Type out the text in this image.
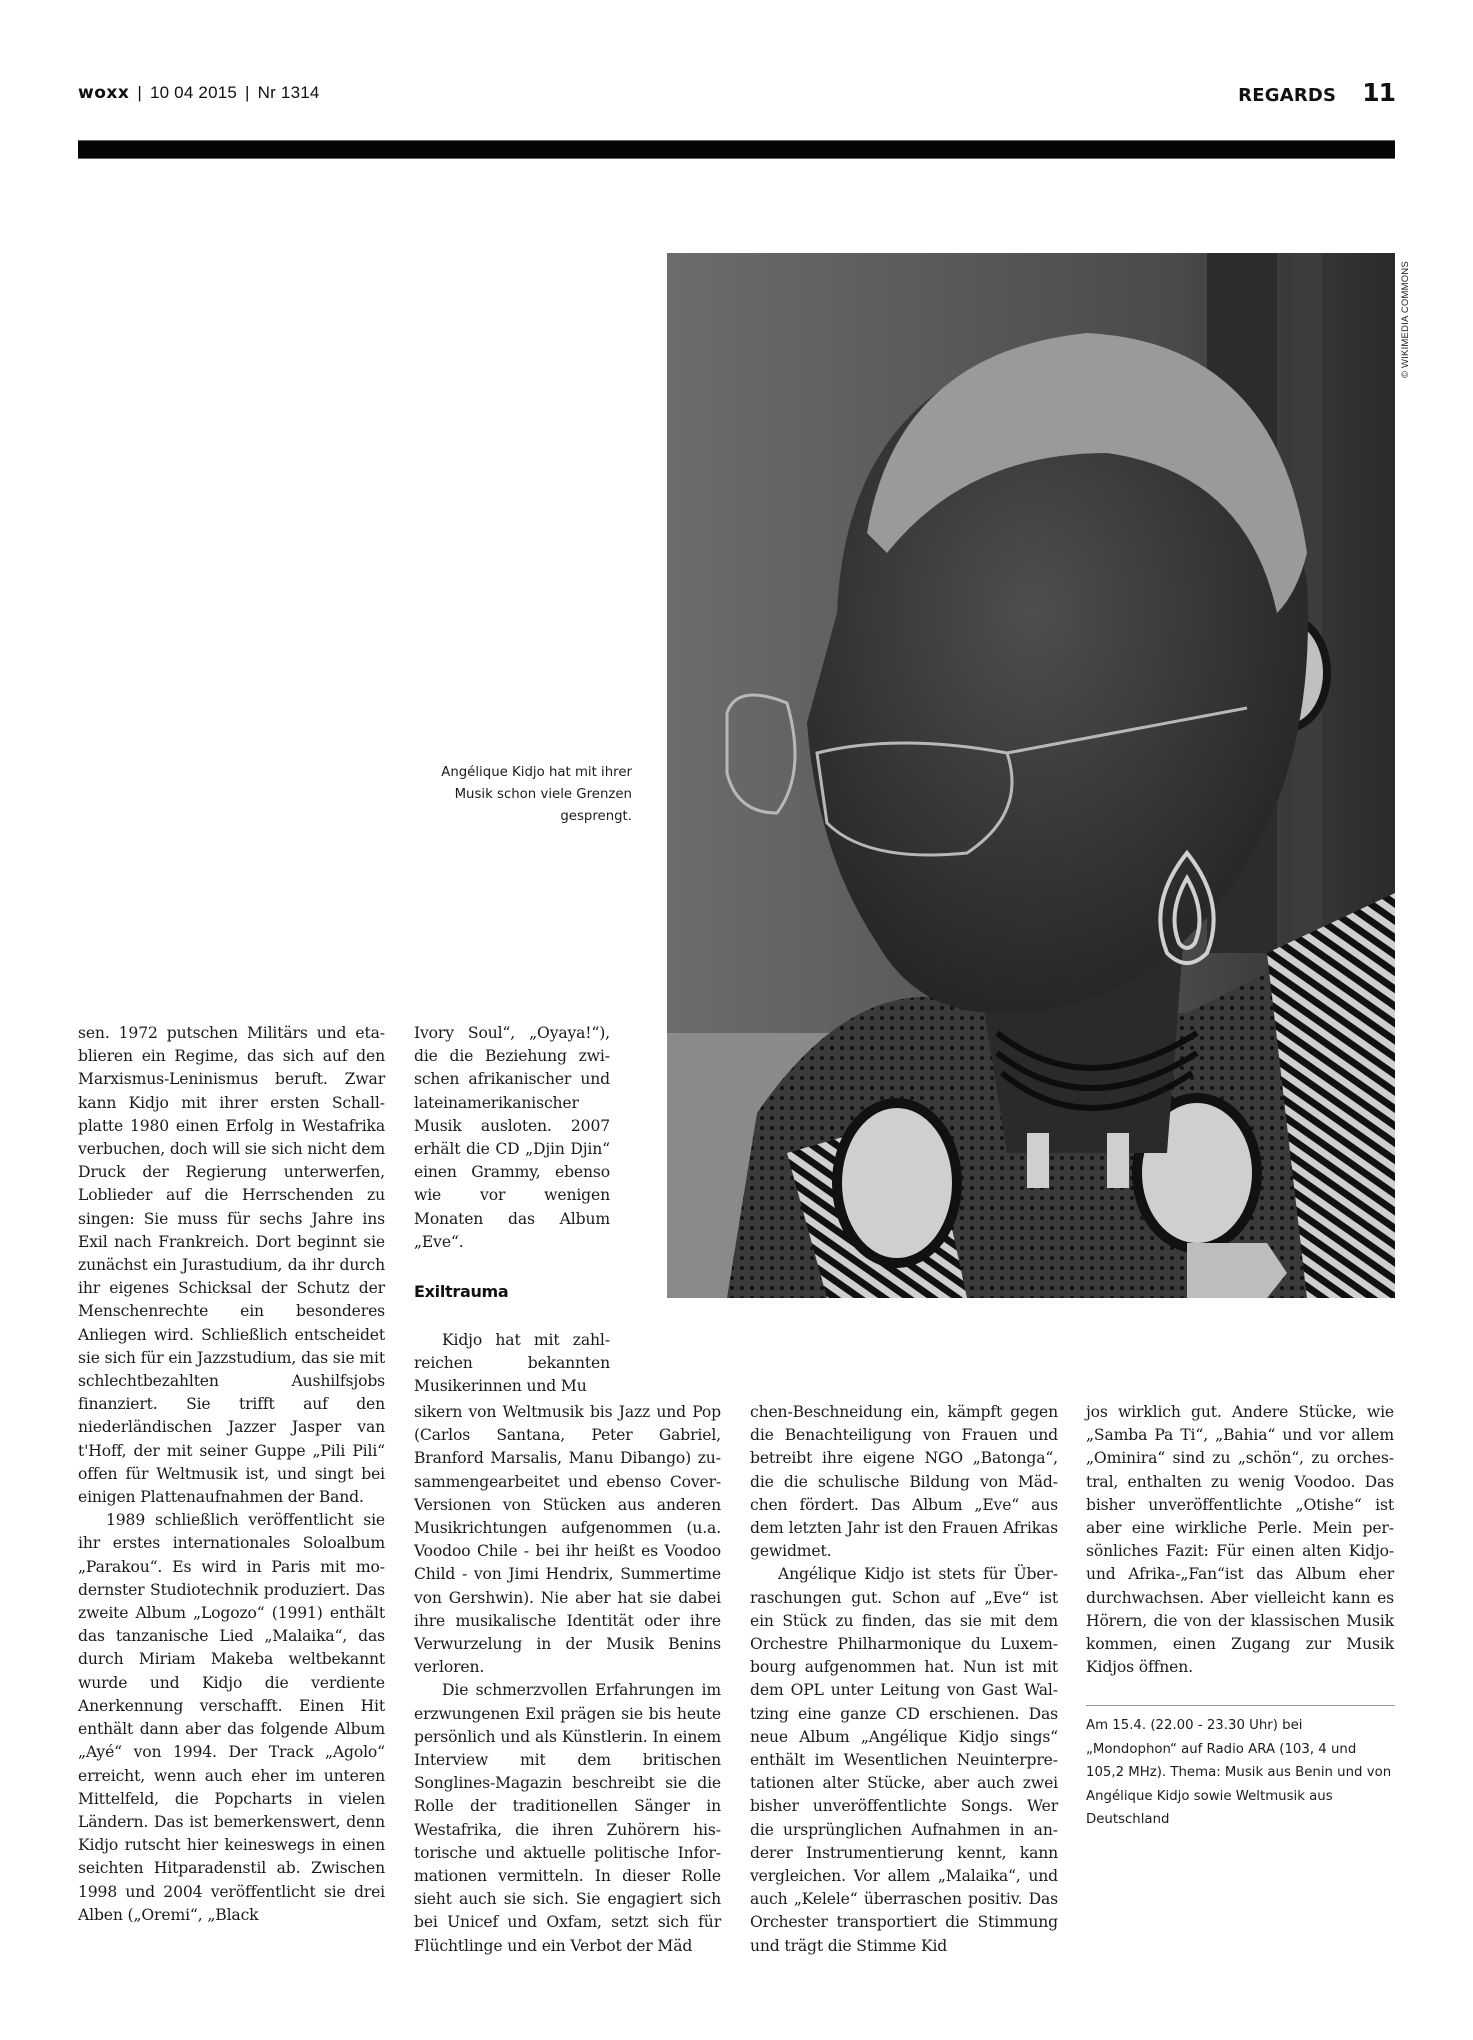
woxx | 10 04 2015 | Nr 1314	REGARDS 11
© WIKIMEDIA COMMONS
Angélique Kidjo hat mit ihrer Musik schon viele Grenzen gesprengt.

sen. 1972 putschen Militärs und etablieren ein Regime, das sich auf den Marxismus-Leninismus beruft. Zwar kann Kidjo mit ihrer ersten Schallplatte 1980 einen Erfolg in Westafrika verbuchen, doch will sie sich nicht dem Druck der Regierung unterwerfen, Loblieder auf die Herrschenden zu singen: Sie muss für sechs Jahre ins Exil nach Frankreich. Dort beginnt sie zunächst ein Jurastudium, da ihr durch ihr eigenes Schicksal der Schutz der Menschenrechte ein besonderes Anliegen wird. Schließlich entscheidet sie sich für ein Jazzstudium, das sie mit schlechtbezahlten Aushilfsjobs finanziert. Sie trifft auf den niederländischen Jazzer Jasper van t'Hoff, der mit seiner Guppe „Pili Pili“ offen für Weltmusik ist, und singt bei einigen Plattenaufnahmen der Band.

1989 schließlich veröffentlicht sie ihr erstes internationales Soloalbum „Parakou“. Es wird in Paris mit modernster Studiotechnik produziert. Das zweite Album „Logozo“ (1991) enthält das tanzanische Lied „Malaika“, das durch Miriam Makeba weltbekannt wurde und Kidjo die verdiente Anerkennung verschafft. Einen Hit enthält dann aber das folgende Album „Ayé“ von 1994. Der Track „Agolo“ erreicht, wenn auch eher im unteren Mittelfeld, die Popcharts in vielen Ländern. Das ist bemerkenswert, denn Kidjo rutscht hier keineswegs in einen seichten Hitparadenstil ab. Zwischen 1998 und 2004 veröffentlicht sie drei Alben („Oremi“, „Black

Ivory Soul“, „Oyaya!“), die die Beziehung zwischen afrikanischer und lateinamerikanischer Musik ausloten. 2007 erhält die CD „Djin Djin“ einen Grammy, ebenso wie vor wenigen Monaten das Album „Eve“.

Exiltrauma

Kidjo hat mit zahlreichen bekannten Musikerinnen und Mu

sikern von Weltmusik bis Jazz und Pop (Carlos Santana, Peter Gabriel, Branford Marsalis, Manu Dibango) zusammengearbeitet und ebenso Cover-Versionen von Stücken aus anderen Musikrichtungen aufgenommen (u.a. Voodoo Chile - bei ihr heißt es Voodoo Child - von Jimi Hendrix, Summertime von Gershwin). Nie aber hat sie dabei ihre musikalische Identität oder ihre Verwurzelung in der Musik Benins verloren.

Die schmerzvollen Erfahrungen im erzwungenen Exil prägen sie bis heute persönlich und als Künstlerin. In einem Interview mit dem britischen Songlines-Magazin beschreibt sie die Rolle der traditionellen Sänger in Westafrika, die ihren Zuhörern historische und aktuelle politische Informationen vermitteln. In dieser Rolle sieht auch sie sich. Sie engagiert sich bei Unicef und Oxfam, setzt sich für Flüchtlinge und ein Verbot der Mäd

chen-Beschneidung ein, kämpft gegen die Benachteiligung von Frauen und betreibt ihre eigene NGO „Batonga“, die die schulische Bildung von Mädchen fördert. Das Album „Eve“ aus dem letzten Jahr ist den Frauen Afrikas gewidmet.

Angélique Kidjo ist stets für Überraschungen gut. Schon auf „Eve“ ist ein Stück zu finden, das sie mit dem Orchestre Philharmonique du Luxembourg aufgenommen hat. Nun ist mit dem OPL unter Leitung von Gast Waltzing eine ganze CD erschienen. Das neue Album „Angélique Kidjo sings“ enthält im Wesentlichen Neuinterpretationen alter Stücke, aber auch zwei bisher unveröffentlichte Songs. Wer die ursprünglichen Aufnahmen in anderer Instrumentierung kennt, kann vergleichen. Vor allem „Malaika“, und auch „Kelele“ überraschen positiv. Das Orchester transportiert die Stimmung und trägt die Stimme Kid

jos wirklich gut. Andere Stücke, wie „Samba Pa Ti“, „Bahia“ und vor allem „Ominira“ sind zu „schön“, zu orchestral, enthalten zu wenig Voodoo. Das bisher unveröffentlichte „Otishe“ ist aber eine wirkliche Perle. Mein persönliches Fazit: Für einen alten Kidjo- und Afrika-„Fan“ist das Album eher durchwachsen. Aber vielleicht kann es Hörern, die von der klassischen Musik kommen, einen Zugang zur Musik Kidjos öffnen.

Am 15.4. (22.00 - 23.30 Uhr) bei „Mondophon“ auf Radio ARA (103, 4 und 105,2 MHz). Thema: Musik aus Benin und von Angélique Kidjo sowie Weltmusik aus Deutschland
